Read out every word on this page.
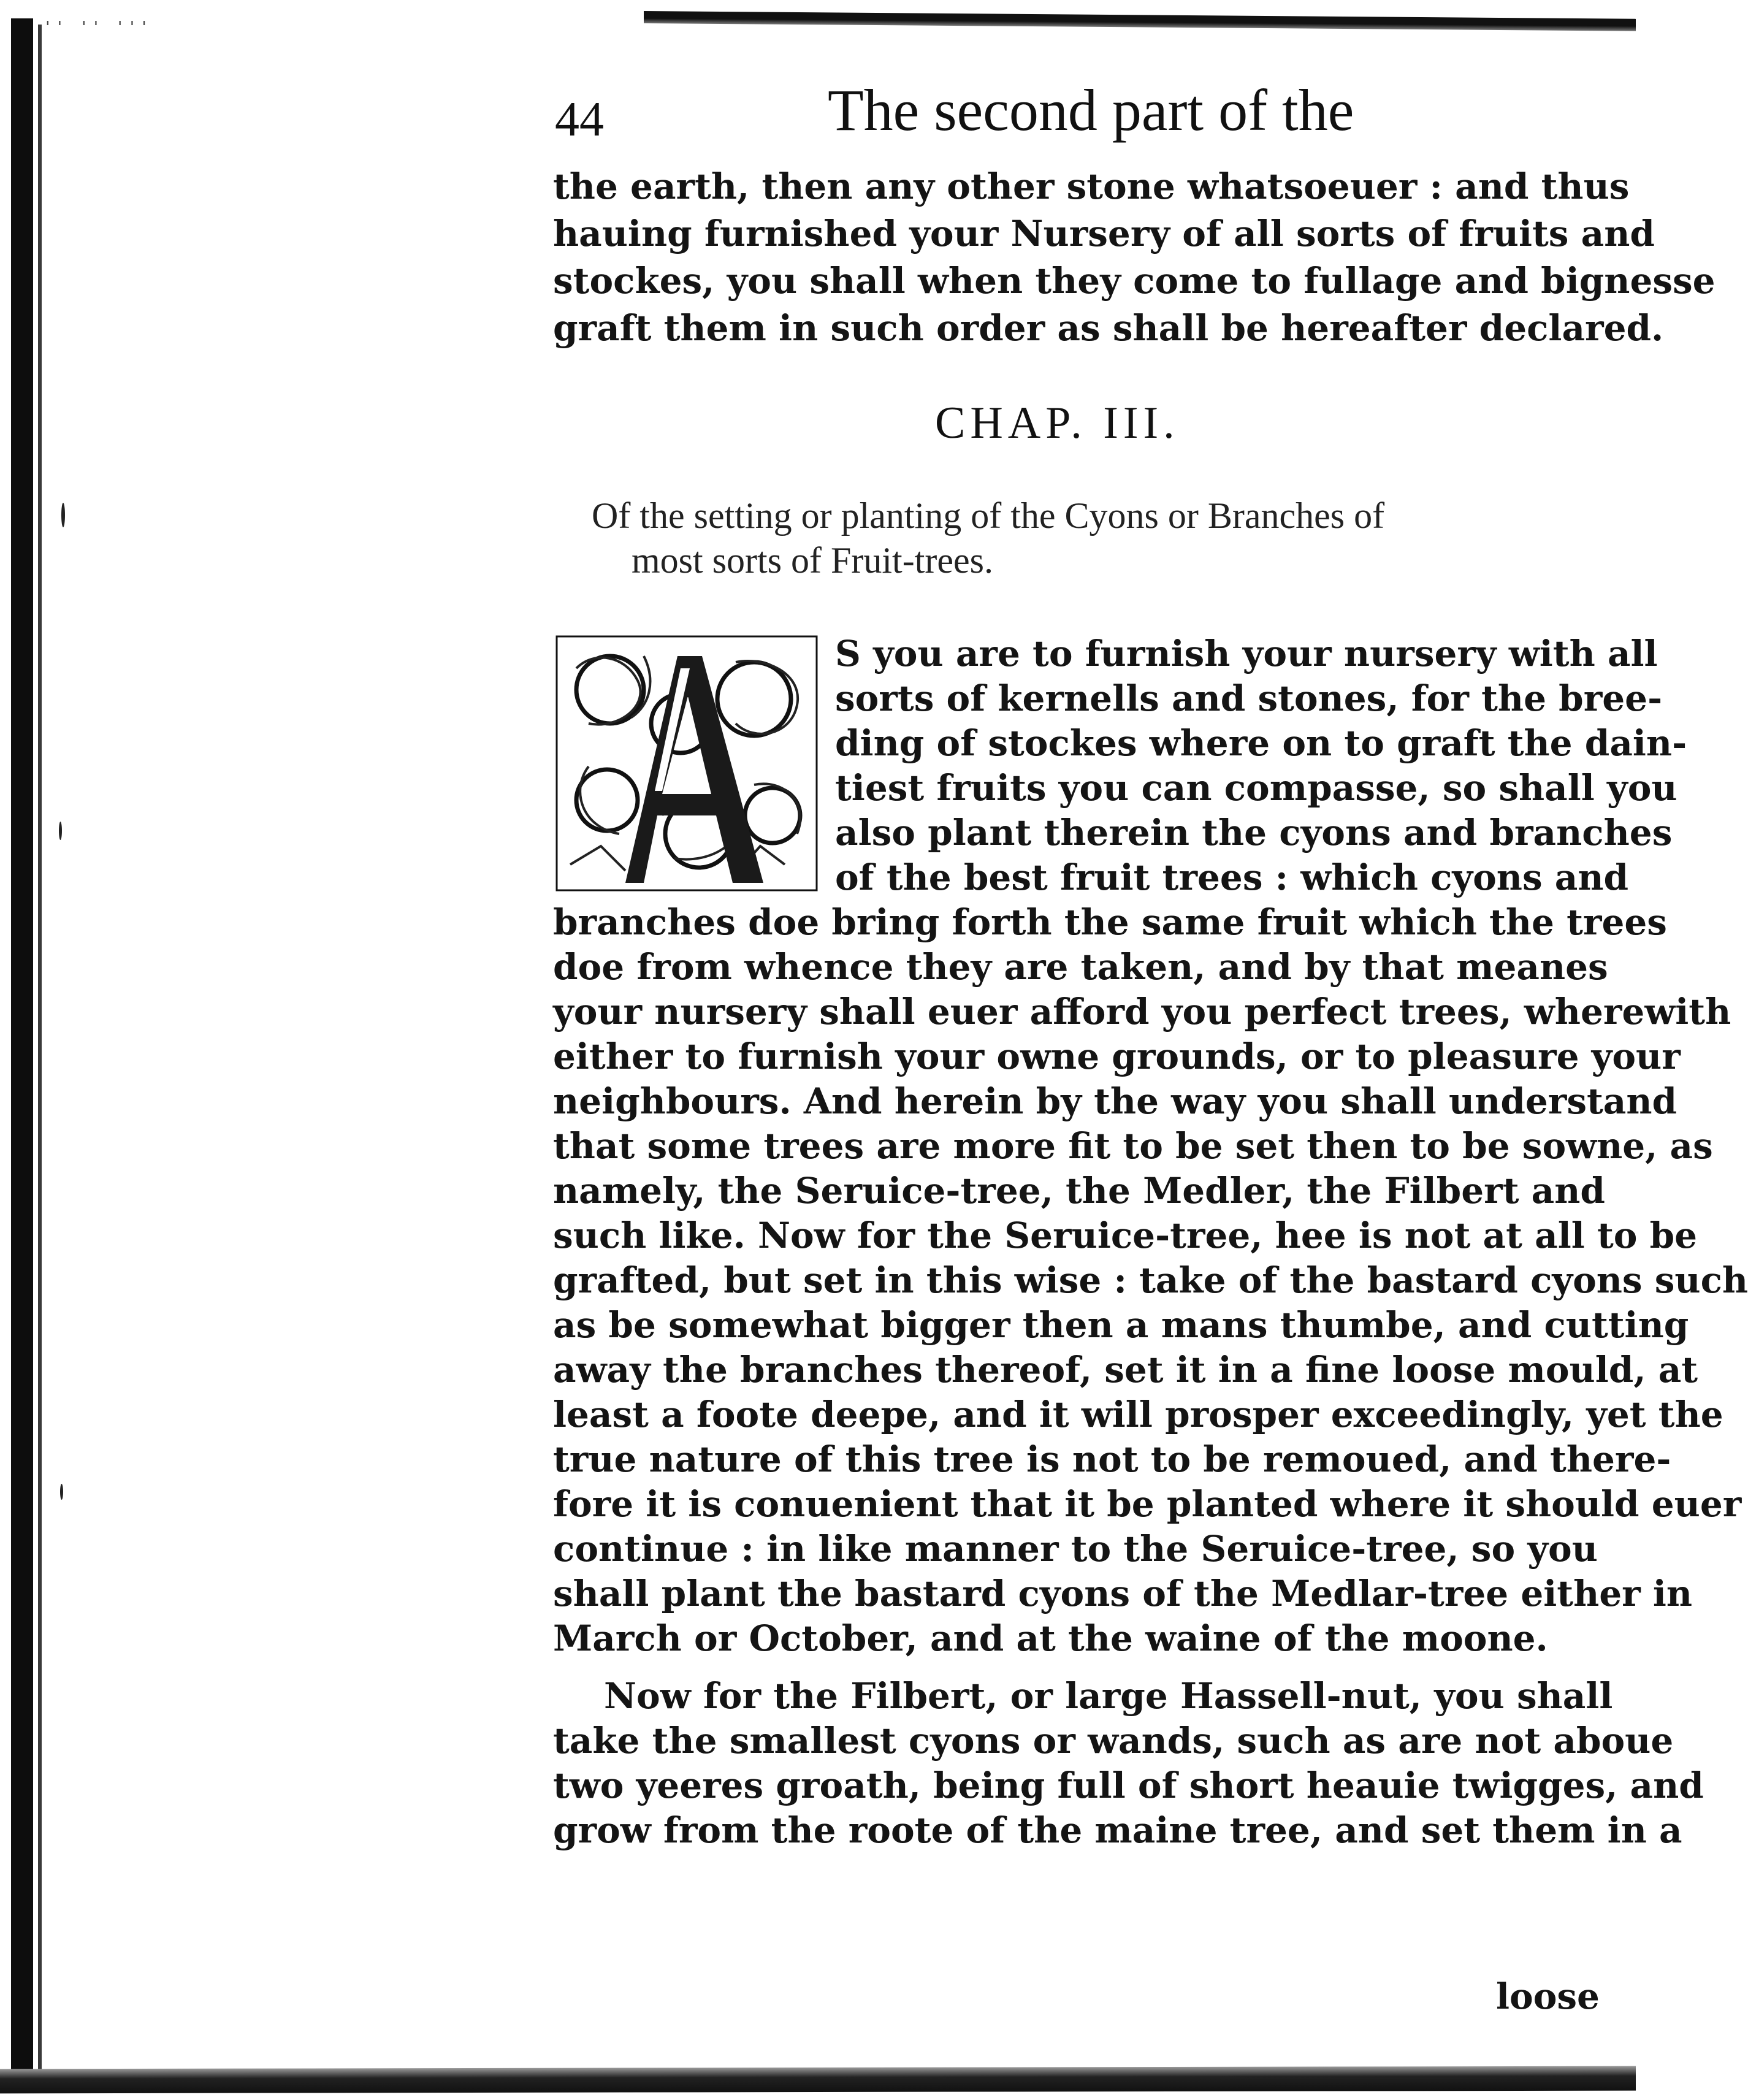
'' '' '''
44	The second part of the
the earth, then any other stone whatsoeuer : and thus
hauing furnished your Nursery of all sorts of fruits and
stockes, you shall when they come to fullage and bignesse
graft them in such order as shall be hereafter declared.
CHAP. III.
Of the setting or planting of the Cyons or Branches of
most sorts of Fruit-trees.
S you are to furnish your nursery with all
sorts of kernells and stones, for the bree-
ding of stockes where on to graft the dain-
tiest fruits you can compasse, so shall you
also plant therein the cyons and branches
of the best fruit trees : which cyons and
branches doe bring forth the same fruit which the trees
doe from whence they are taken, and by that meanes
your nursery shall euer afford you perfect trees, wherewith
either to furnish your owne grounds, or to pleasure your
neighbours. And herein by the way you shall understand
that some trees are more fit to be set then to be sowne, as
namely, the Seruice-tree, the Medler, the Filbert and
such like. Now for the Seruice-tree, hee is not at all to be
grafted, but set in this wise : take of the bastard cyons such
as be somewhat bigger then a mans thumbe, and cutting
away the branches thereof, set it in a fine loose mould, at
least a foote deepe, and it will prosper exceedingly, yet the
true nature of this tree is not to be remoued, and there-
fore it is conuenient that it be planted where it should euer
continue : in like manner to the Seruice-tree, so you
shall plant the bastard cyons of the Medlar-tree either in
March or October, and at the waine of the moone.
Now for the Filbert, or large Hassell-nut, you shall
take the smallest cyons or wands, such as are not aboue
two yeeres groath, being full of short heauie twigges, and
grow from the roote of the maine tree, and set them in a
loose
